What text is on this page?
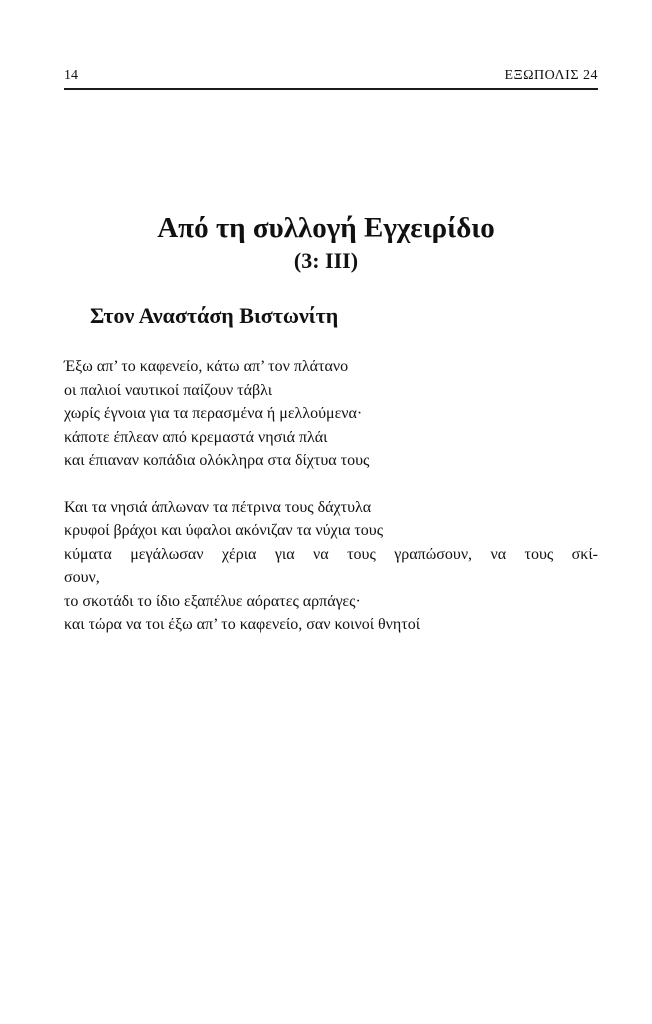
14	ΕΞΩΠΟΛΙΣ 24
Από τη συλλογή Εγχειρίδιο
(3: III)
Στον Αναστάση Βιστωνίτη
Έξω απ’ το καφενείο, κάτω απ’ τον πλάτανο
οι παλιοί ναυτικοί παίζουν τάβλι
χωρίς έγνοια για τα περασμένα ή μελλούμενα·
κάποτε έπλεαν από κρεμαστά νησιά πλάι
και έπιαναν κοπάδια ολόκληρα στα δίχτυα τους
Και τα νησιά άπλωναν τα πέτρινα τους δάχτυλα
κρυφοί βράχοι και ύφαλοι ακόνιζαν τα νύχια τους
κύματα μεγάλωσαν χέρια για να τους γραπώσουν, να τους σκί-
σουν,
το σκοτάδι το ίδιο εξαπέλυε αόρατες αρπάγες·
και τώρα να τοι έξω απ’ το καφενείο, σαν κοινοί θνητοί
